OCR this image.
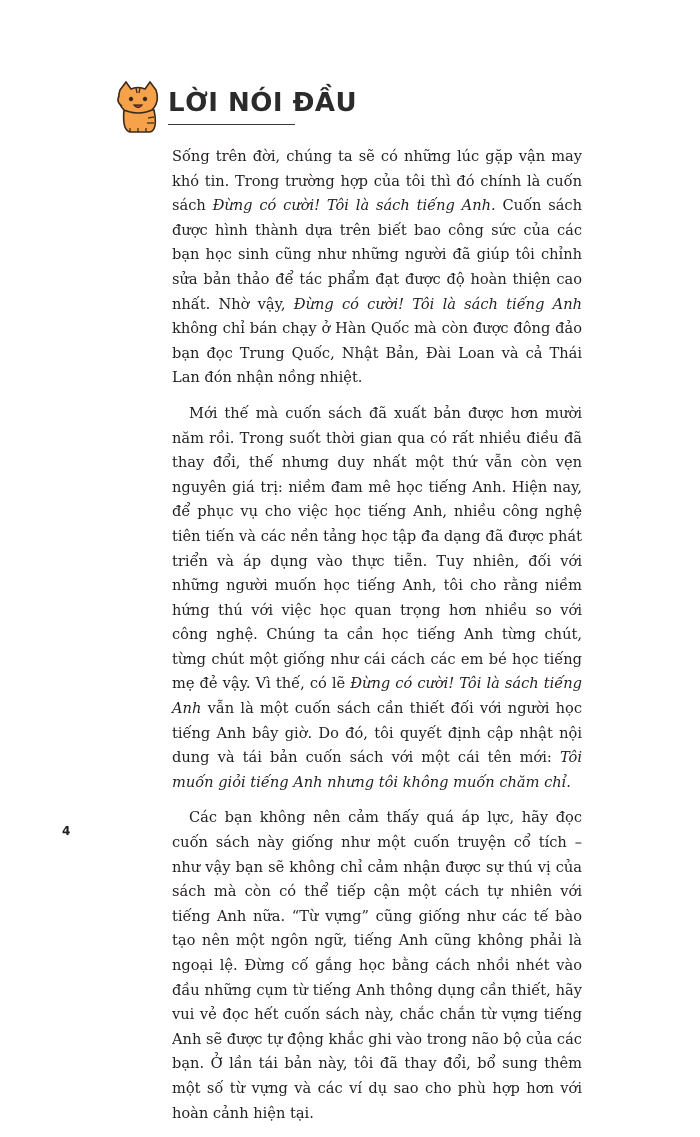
LỜI NÓI ĐẦU

Sống trên đời, chúng ta sẽ có những lúc gặp vận may khó tin. Trong trường hợp của tôi thì đó chính là cuốn sách Đừng có cười! Tôi là sách tiếng Anh. Cuốn sách được hình thành dựa trên biết bao công sức của các bạn học sinh cũng như những người đã giúp tôi chỉnh sửa bản thảo để tác phẩm đạt được độ hoàn thiện cao nhất. Nhờ vậy, Đừng có cười! Tôi là sách tiếng Anh không chỉ bán chạy ở Hàn Quốc mà còn được đông đảo bạn đọc Trung Quốc, Nhật Bản, Đài Loan và cả Thái Lan đón nhận nồng nhiệt.

Mới thế mà cuốn sách đã xuất bản được hơn mười năm rồi. Trong suốt thời gian qua có rất nhiều điều đã thay đổi, thế nhưng duy nhất một thứ vẫn còn vẹn nguyên giá trị: niềm đam mê học tiếng Anh. Hiện nay, để phục vụ cho việc học tiếng Anh, nhiều công nghệ tiên tiến và các nền tảng học tập đa dạng đã được phát triển và áp dụng vào thực tiễn. Tuy nhiên, đối với những người muốn học tiếng Anh, tôi cho rằng niềm hứng thú với việc học quan trọng hơn nhiều so với công nghệ. Chúng ta cần học tiếng Anh từng chút, từng chút một giống như cái cách các em bé học tiếng mẹ đẻ vậy. Vì thế, có lẽ Đừng có cười! Tôi là sách tiếng Anh vẫn là một cuốn sách cần thiết đối với người học tiếng Anh bây giờ. Do đó, tôi quyết định cập nhật nội dung và tái bản cuốn sách với một cái tên mới: Tôi muốn giỏi tiếng Anh nhưng tôi không muốn chăm chỉ.

Các bạn không nên cảm thấy quá áp lực, hãy đọc cuốn sách này giống như một cuốn truyện cổ tích – như vậy bạn sẽ không chỉ cảm nhận được sự thú vị của sách mà còn có thể tiếp cận một cách tự nhiên với tiếng Anh nữa. “Từ vựng” cũng giống như các tế bào tạo nên một ngôn ngữ, tiếng Anh cũng không phải là ngoại lệ. Đừng cố gắng học bằng cách nhồi nhét vào đầu những cụm từ tiếng Anh thông dụng cần thiết, hãy vui vẻ đọc hết cuốn sách này, chắc chắn từ vựng tiếng Anh sẽ được tự động khắc ghi vào trong não bộ của các bạn. Ở lần tái bản này, tôi đã thay đổi, bổ sung thêm một số từ vựng và các ví dụ sao cho phù hợp hơn với hoàn cảnh hiện tại.

4
